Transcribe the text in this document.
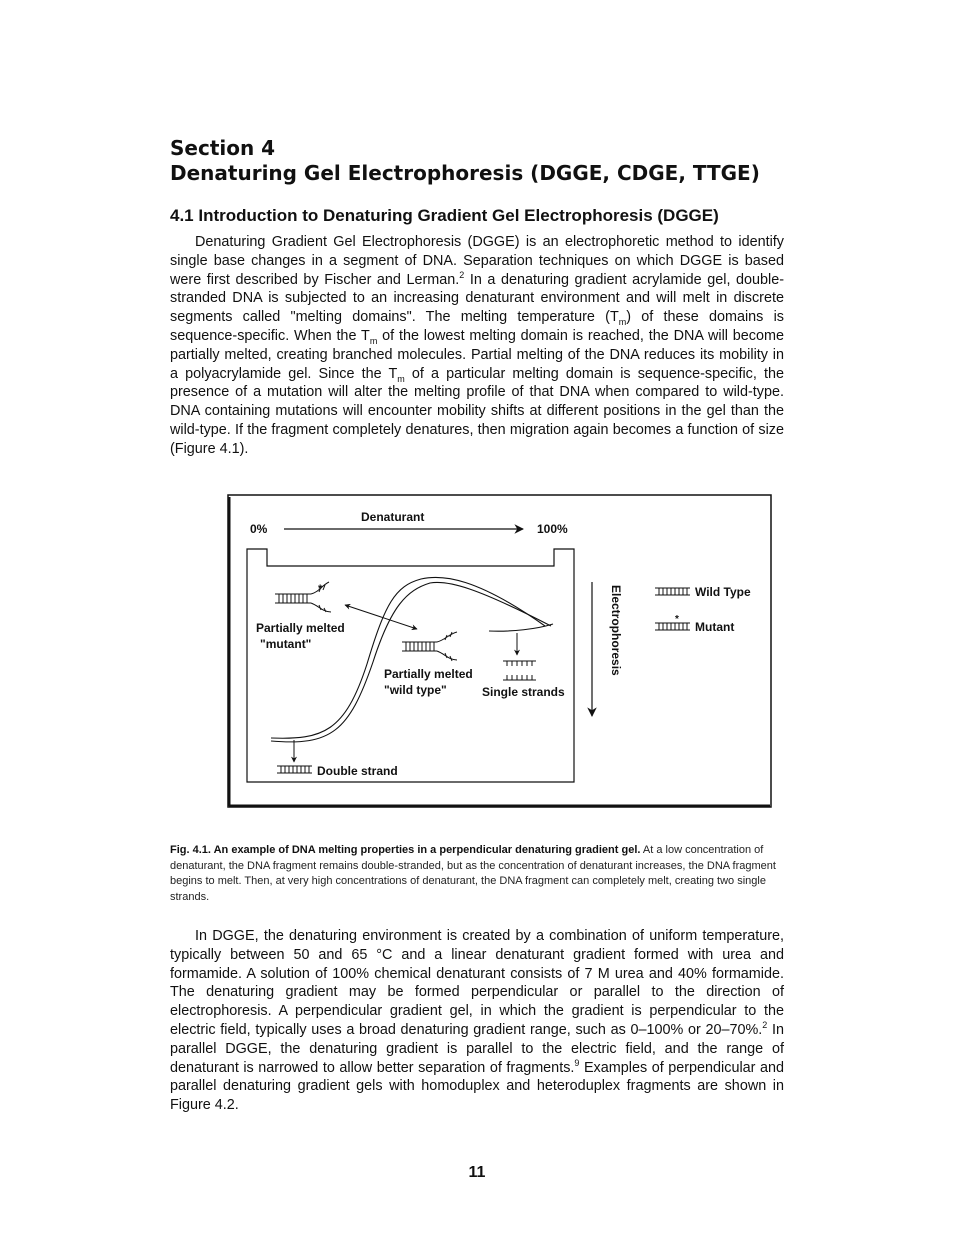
Section 4
Denaturing Gel Electrophoresis (DGGE, CDGE, TTGE)
4.1 Introduction to Denaturing Gradient Gel Electrophoresis (DGGE)

Denaturing Gradient Gel Electrophoresis (DGGE) is an electrophoretic method to identify single base changes in a segment of DNA. Separation techniques on which DGGE is based were first described by Fischer and Lerman.$^2$ In a denaturing gradient acrylamide gel, double-stranded DNA is subjected to an increasing denaturant environment and will melt in discrete segments called "melting domains". The melting temperature $(T_m)$ of these domains is sequence-specific. When the $T_m$ of the lowest melting domain is reached, the DNA will become partially melted, creating branched molecules. Partial melting of the DNA reduces its mobility in a polyacrylamide gel. Since the $T_m$ of a particular melting domain is sequence-specific, the presence of a mutation will alter the melting profile of that DNA when compared to wild-type. DNA containing mutations will encounter mobility shifts at different positions in the gel than the wild-type. If the fragment completely denatures, then migration again becomes a function of size (Figure 4.1).

Denaturant
0%	100%
*
Partially melted
"mutant"
Partially melted
"wild type"	Single strands
Double strand
Electrophoresis	Wild Type
*
Mutant

Fig. 4.1. An example of DNA melting properties in a perpendicular denaturing gradient gel. At a low concentration of denaturant, the DNA fragment remains double-stranded, but as the concentration of denaturant increases, the DNA fragment begins to melt. Then, at very high concentrations of denaturant, the DNA fragment can completely melt, creating two single strands.

In DGGE, the denaturing environment is created by a combination of uniform temperature, typically between 50 and 65 °C and a linear denaturant gradient formed with urea and formamide. A solution of 100% chemical denaturant consists of 7 M urea and 40% formamide. The denaturing gradient may be formed perpendicular or parallel to the direction of electrophoresis. A perpendicular gradient gel, in which the gradient is perpendicular to the electric field, typically uses a broad denaturing gradient range, such as 0–100% or 20–70%.$^2$ In parallel DGGE, the denaturing gradient is parallel to the electric field, and the range of denaturant is narrowed to allow better separation of fragments.$^9$ Examples of perpendicular and parallel denaturing gradient gels with homoduplex and heteroduplex fragments are shown in Figure 4.2.

11
